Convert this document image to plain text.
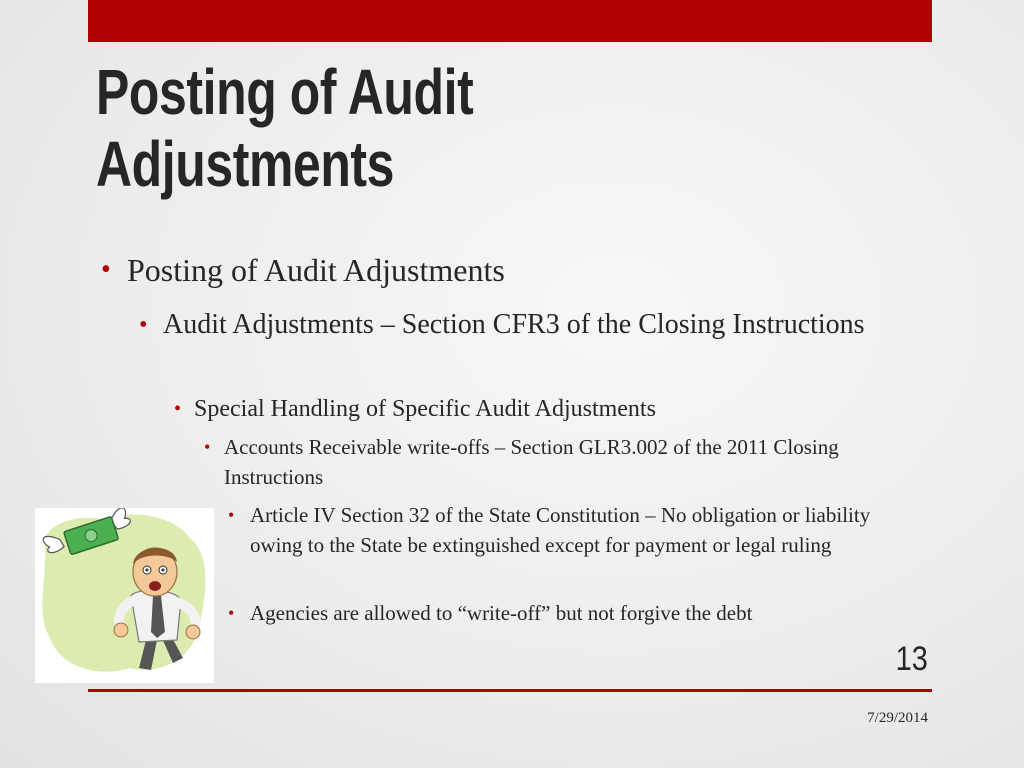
Posting of Audit
Adjustments

• Posting of Audit Adjustments

• Audit Adjustments – Section CFR3 of the Closing Instructions

• Special Handling of Specific Audit Adjustments

• Accounts Receivable write-offs – Section GLR3.002 of the 2011 Closing Instructions

• Article IV Section 32 of the State Constitution – No obligation or liability owing to the State be extinguished except for payment or legal ruling

• Agencies are allowed to “write-off” but not forgive the debt

13
7/29/2014
